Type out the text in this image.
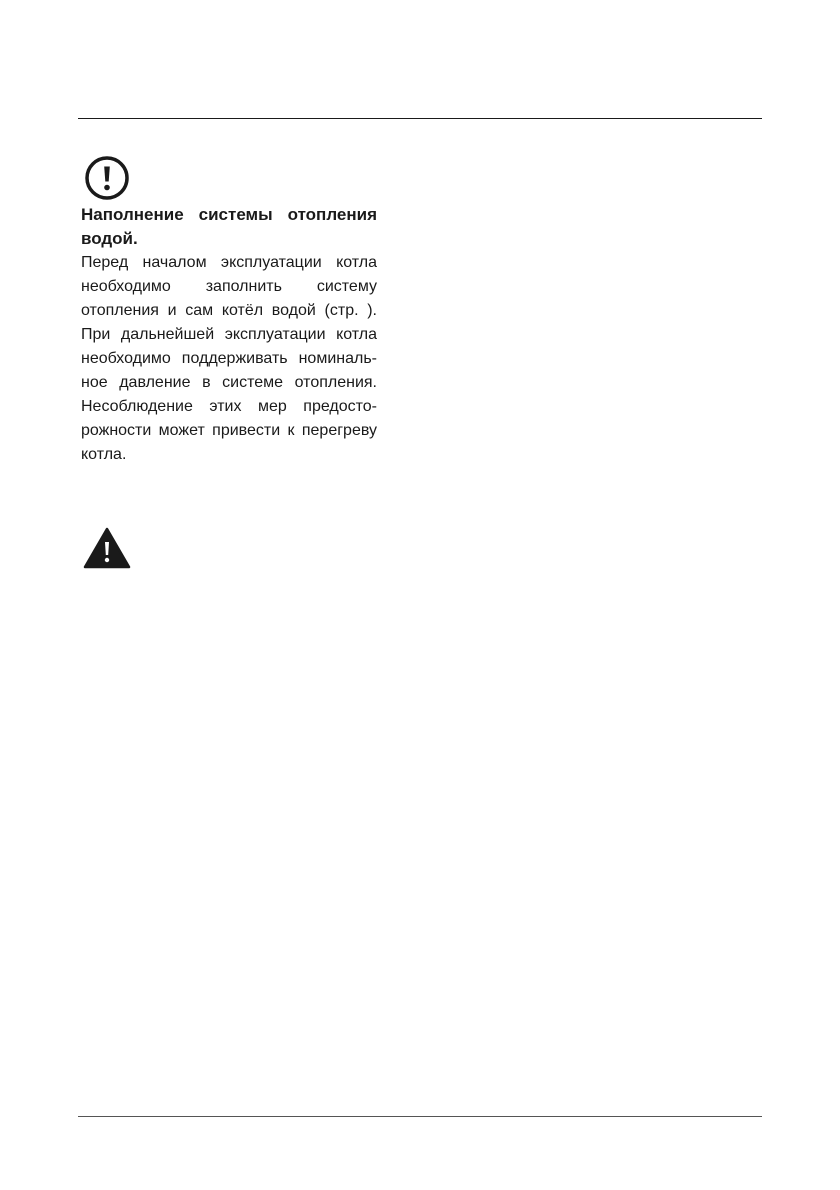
Наполнение системы отопления
водой.

Перед началом эксплуатации котла
необходимо заполнить систему
отопления и сам котёл водой (стр. ).
При дальнейшей эксплуатации котла
необходимо поддерживать номиналь-
ное давление в системе отопления.
Несоблюдение этих мер предосто-
рожности может привести к перегреву
котла.
